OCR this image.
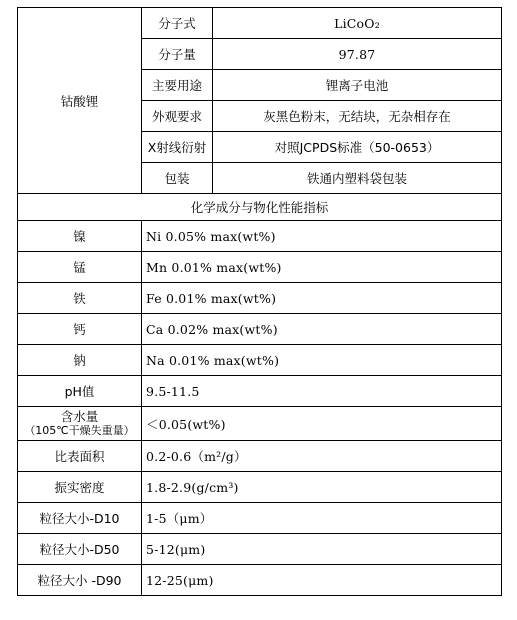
钴酸锂	分子式	LiCoO₂
	分子量	97.87
	主要用途	锂离子电池
	外观要求	灰黑色粉末，无结块，无杂相存在
	X射线衍射	对照JCPDS标准（50-0653）
	包装	铁通内塑料袋包装
化学成分与物化性能指标		
镍	Ni 0.05% max(wt%)	
锰	Mn 0.01% max(wt%)	
铁	Fe 0.01% max(wt%)	
钙	Ca 0.02% max(wt%)	
钠	Na 0.01% max(wt%)	
pH值	9.5-11.5	

含水量
（105℃干燥失重量）	＜0.05(wt%)	
比表面积	0.2-0.6（m²/g）	
振实密度	1.8-2.9(g/cm³)	
粒径大小-D10	1-5（μm）	
粒径大小-D50	5-12(μm)	
粒径大小 -D90	12-25(μm)	
